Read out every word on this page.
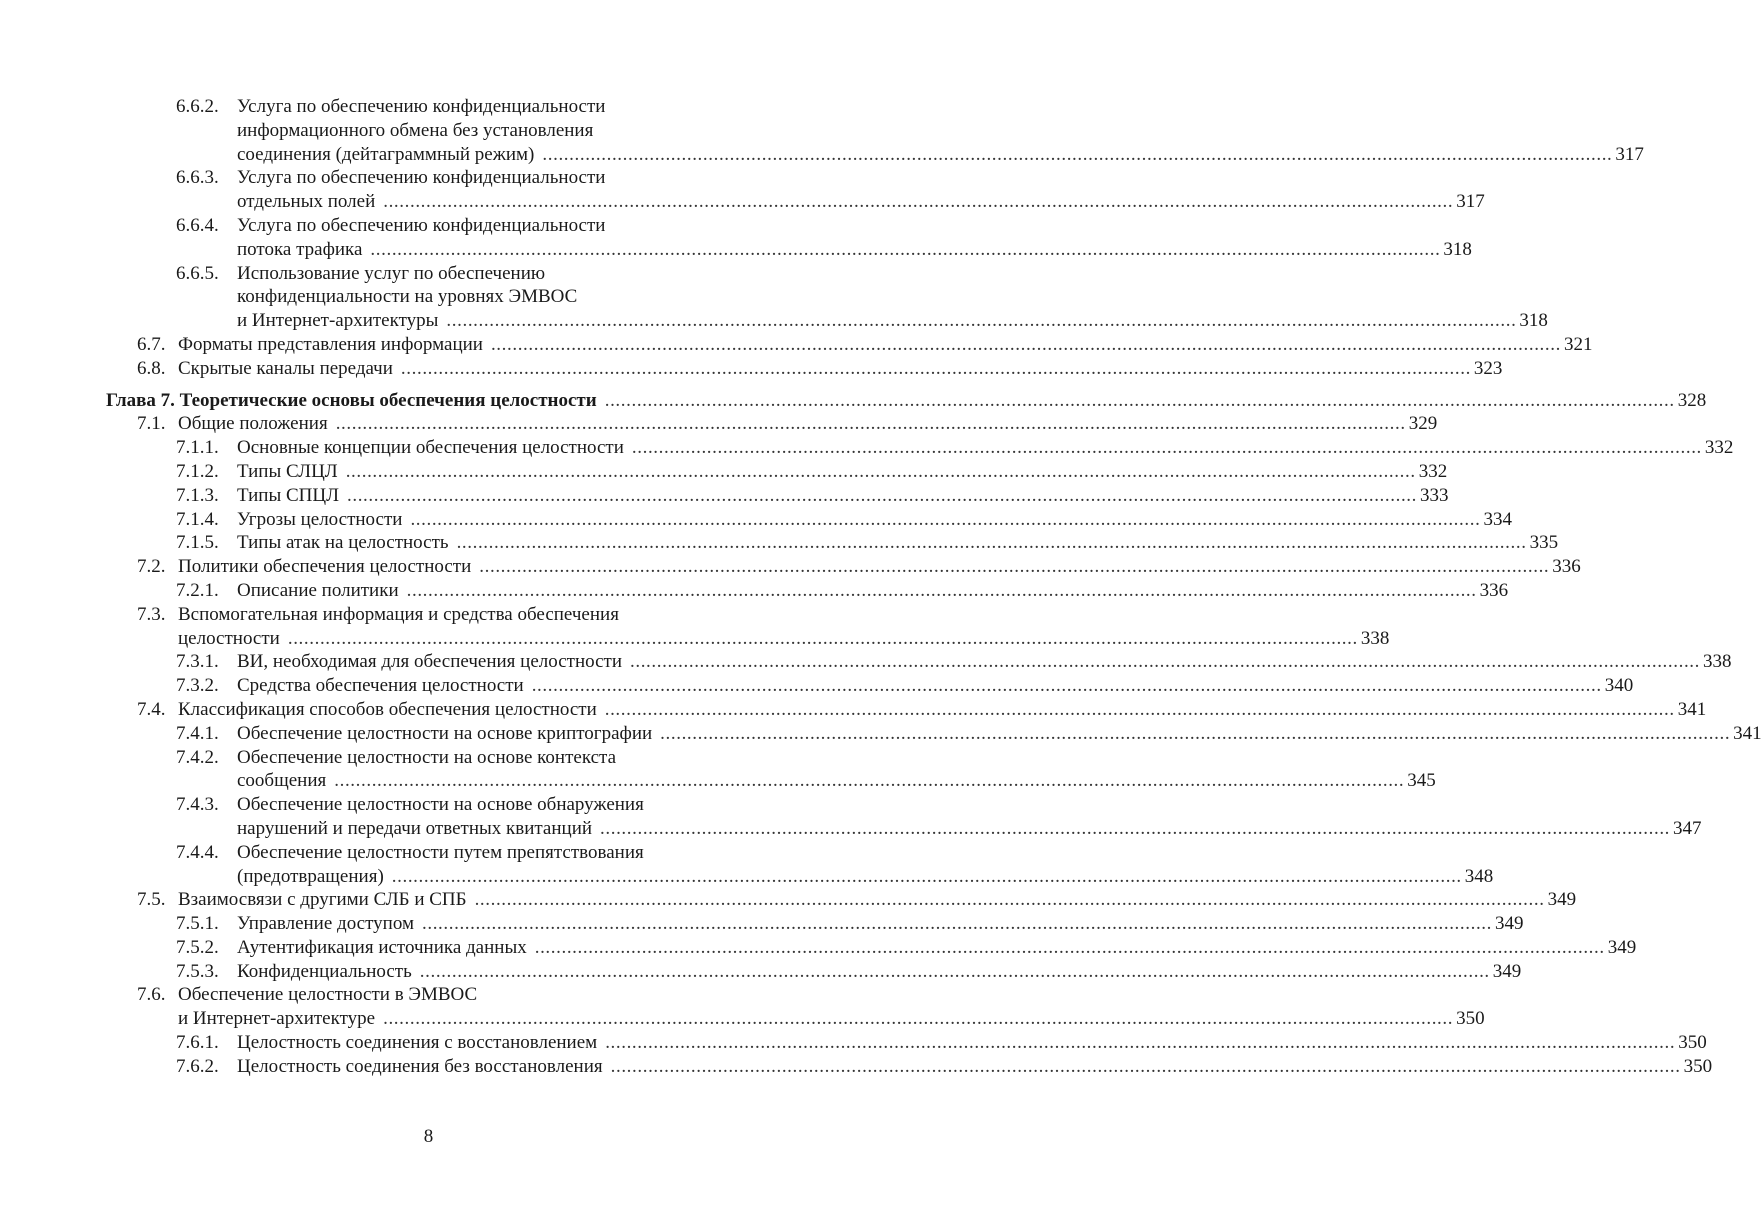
6.6.2. Услуга по обеспечению конфиденциальности
информационного обмена без установления
соединения (дейтаграммный режим) ........................................................................................................................................................................................................ 317
6.6.3. Услуга по обеспечению конфиденциальности
отдельных полей ........................................................................................................................................................................................................ 317
6.6.4. Услуга по обеспечению конфиденциальности
потока трафика ........................................................................................................................................................................................................ 318
6.6.5. Использование услуг по обеспечению
конфиденциальности на уровнях ЭМВОС
и Интернет-архитектуры ........................................................................................................................................................................................................ 318
6.7. Форматы представления информации ........................................................................................................................................................................................................ 321
6.8. Скрытые каналы передачи ........................................................................................................................................................................................................ 323
Глава 7. Теоретические основы обеспечения целостности ........................................................................................................................................................................................................ 328
7.1. Общие положения ........................................................................................................................................................................................................ 329
7.1.1. Основные концепции обеспечения целостности ........................................................................................................................................................................................................ 332
7.1.2. Типы СЛЦЛ ........................................................................................................................................................................................................ 332
7.1.3. Типы СПЦЛ ........................................................................................................................................................................................................ 333
7.1.4. Угрозы целостности ........................................................................................................................................................................................................ 334
7.1.5. Типы атак на целостность ........................................................................................................................................................................................................ 335
7.2. Политики обеспечения целостности ........................................................................................................................................................................................................ 336
7.2.1. Описание политики ........................................................................................................................................................................................................ 336
7.3. Вспомогательная информация и средства обеспечения
целостности ........................................................................................................................................................................................................ 338
7.3.1. ВИ, необходимая для обеспечения целостности ........................................................................................................................................................................................................ 338
7.3.2. Средства обеспечения целостности ........................................................................................................................................................................................................ 340
7.4. Классификация способов обеспечения целостности ........................................................................................................................................................................................................ 341
7.4.1. Обеспечение целостности на основе криптографии ........................................................................................................................................................................................................ 341
7.4.2. Обеспечение целостности на основе контекста
сообщения ........................................................................................................................................................................................................ 345
7.4.3. Обеспечение целостности на основе обнаружения
нарушений и передачи ответных квитанций ........................................................................................................................................................................................................ 347
7.4.4. Обеспечение целостности путем препятствования
(предотвращения) ........................................................................................................................................................................................................ 348
7.5. Взаимосвязи с другими СЛБ и СПБ ........................................................................................................................................................................................................ 349
7.5.1. Управление доступом ........................................................................................................................................................................................................ 349
7.5.2. Аутентификация источника данных ........................................................................................................................................................................................................ 349
7.5.3. Конфиденциальность ........................................................................................................................................................................................................ 349
7.6. Обеспечение целостности в ЭМВОС
и Интернет-архитектуре ........................................................................................................................................................................................................ 350
7.6.1. Целостность соединения с восстановлением ........................................................................................................................................................................................................ 350
7.6.2. Целостность соединения без восстановления ........................................................................................................................................................................................................ 350
8
